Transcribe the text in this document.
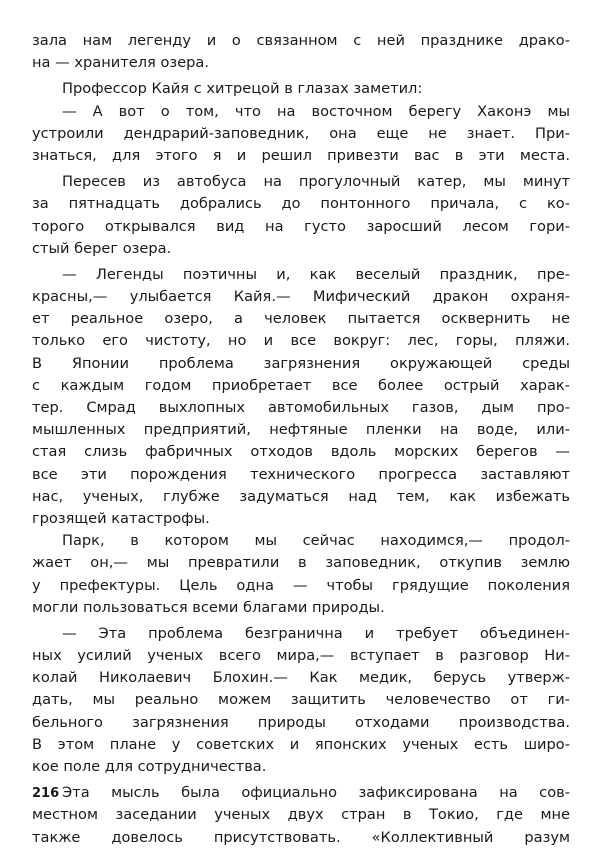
зала нам легенду и о связанном с ней празднике драко-
на — хранителя озера.
Профессор Кайя с хитрецой в глазах заметил:
— А вот о том, что на восточном берегу Хаконэ мы
устроили дендрарий-заповедник, она еще не знает. При-
знаться, для этого я и решил привезти вас в эти места.
Пересев из автобуса на прогулочный катер, мы минут
за пятнадцать добрались до понтонного причала, с ко-
торого открывался вид на густо заросший лесом гори-
стый берег озера.
— Легенды поэтичны и, как веселый праздник, пре-
красны,— улыбается Кайя.— Мифический дракон охраня-
ет реальное озеро, а человек пытается осквернить не
только его чистоту, но и все вокруг: лес, горы, пляжи.
В Японии проблема загрязнения окружающей среды
с каждым годом приобретает все более острый харак-
тер. Смрад выхлопных автомобильных газов, дым про-
мышленных предприятий, нефтяные пленки на воде, или-
стая слизь фабричных отходов вдоль морских берегов —
все эти порождения технического прогресса заставляют
нас, ученых, глубже задуматься над тем, как избежать
грозящей катастрофы.
Парк, в котором мы сейчас находимся,— продол-
жает он,— мы превратили в заповедник, откупив землю
у префектуры. Цель одна — чтобы грядущие поколения
могли пользоваться всеми благами природы.
— Эта проблема безгранична и требует объединен-
ных усилий ученых всего мира,— вступает в разговор Ни-
колай Николаевич Блохин.— Как медик, берусь утверж-
дать, мы реально можем защитить человечество от ги-
бельного загрязнения природы отходами производства.
В этом плане у советских и японских ученых есть широ-
кое поле для сотрудничества.
Эта мысль была официально зафиксирована на сов-
местном заседании ученых двух стран в Токио, где мне
также довелось присутствовать. «Коллективный разум
216
